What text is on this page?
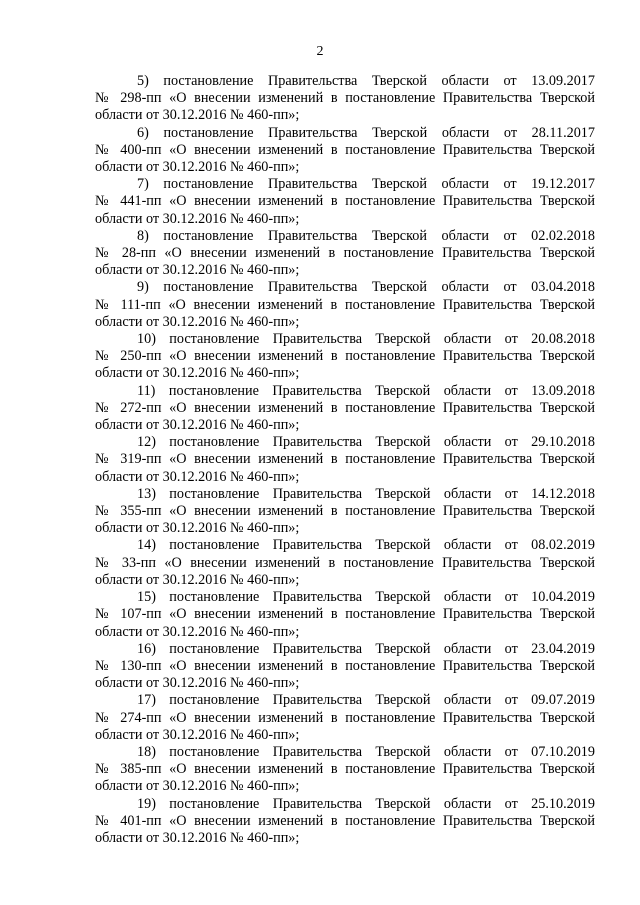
2

5) постановление Правительства Тверской области от 13.09.2017
№ 298-пп «О внесении изменений в постановление Правительства Тверской
области от 30.12.2016 № 460-пп»;

6) постановление Правительства Тверской области от 28.11.2017
№ 400-пп «О внесении изменений в постановление Правительства Тверской
области от 30.12.2016 № 460-пп»;

7) постановление Правительства Тверской области от 19.12.2017
№ 441-пп «О внесении изменений в постановление Правительства Тверской
области от 30.12.2016 № 460-пп»;

8) постановление Правительства Тверской области от 02.02.2018
№ 28-пп «О внесении изменений в постановление Правительства Тверской
области от 30.12.2016 № 460-пп»;

9) постановление Правительства Тверской области от 03.04.2018
№ 111-пп «О внесении изменений в постановление Правительства Тверской
области от 30.12.2016 № 460-пп»;

10) постановление Правительства Тверской области от 20.08.2018
№ 250-пп «О внесении изменений в постановление Правительства Тверской
области от 30.12.2016 № 460-пп»;

11) постановление Правительства Тверской области от 13.09.2018
№ 272-пп «О внесении изменений в постановление Правительства Тверской
области от 30.12.2016 № 460-пп»;

12) постановление Правительства Тверской области от 29.10.2018
№ 319-пп «О внесении изменений в постановление Правительства Тверской
области от 30.12.2016 № 460-пп»;

13) постановление Правительства Тверской области от 14.12.2018
№ 355-пп «О внесении изменений в постановление Правительства Тверской
области от 30.12.2016 № 460-пп»;

14) постановление Правительства Тверской области от 08.02.2019
№ 33-пп «О внесении изменений в постановление Правительства Тверской
области от 30.12.2016 № 460-пп»;

15) постановление Правительства Тверской области от 10.04.2019
№ 107-пп «О внесении изменений в постановление Правительства Тверской
области от 30.12.2016 № 460-пп»;

16) постановление Правительства Тверской области от 23.04.2019
№ 130-пп «О внесении изменений в постановление Правительства Тверской
области от 30.12.2016 № 460-пп»;

17) постановление Правительства Тверской области от 09.07.2019
№ 274-пп «О внесении изменений в постановление Правительства Тверской
области от 30.12.2016 № 460-пп»;

18) постановление Правительства Тверской области от 07.10.2019
№ 385-пп «О внесении изменений в постановление Правительства Тверской
области от 30.12.2016 № 460-пп»;

19) постановление Правительства Тверской области от 25.10.2019
№ 401-пп «О внесении изменений в постановление Правительства Тверской
области от 30.12.2016 № 460-пп»;
